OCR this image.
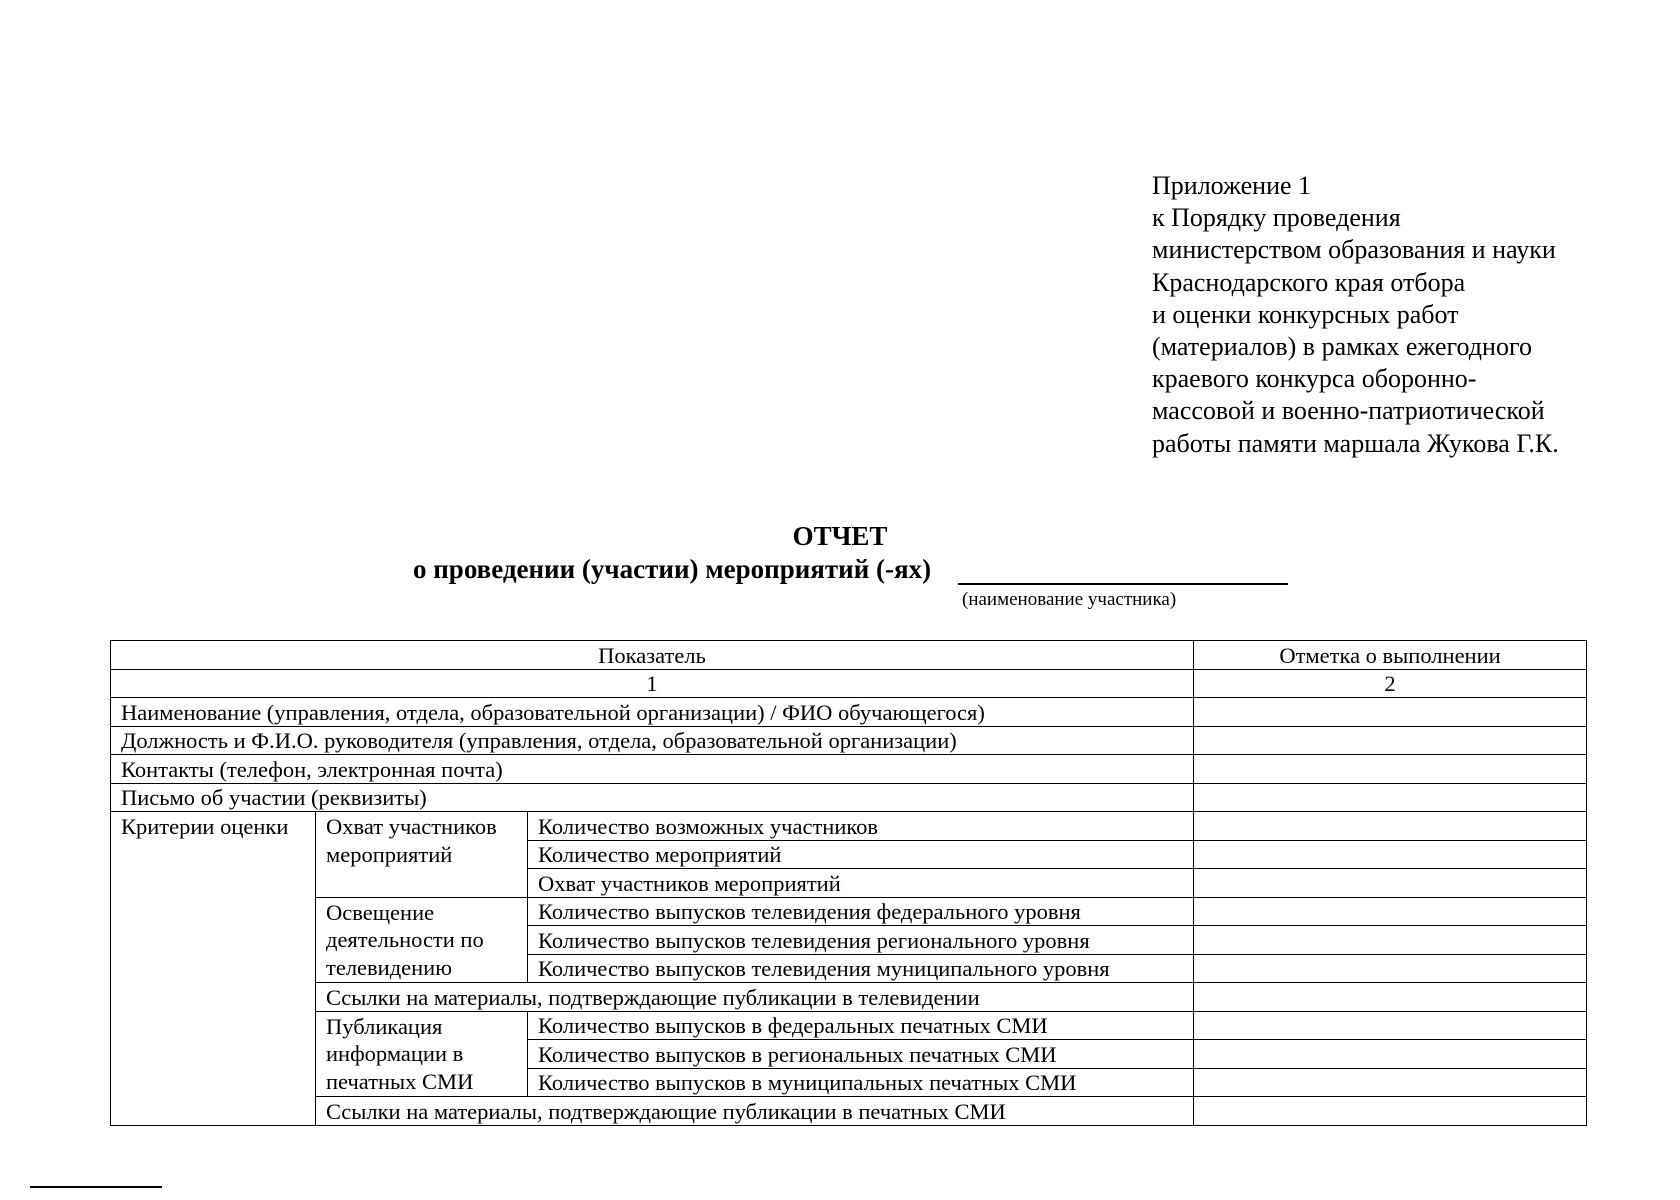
Приложение 1
к Порядку проведения
министерством образования и науки
Краснодарского края отбора
и оценки конкурсных работ
(материалов) в рамках ежегодного
краевого конкурса оборонно-
массовой и военно-патриотической
работы памяти маршала Жукова Г.К.
ОТЧЕТ
о проведении (участии) мероприятий (-ях)
(наименование участника)
Показатель			Отметка о выполнении
1			2
Наименование (управления, отдела, образовательной организации) / ФИО обучающегося)			
Должность и Ф.И.О. руководителя (управления, отдела, образовательной организации)			
Контакты (телефон, электронная почта)			
Письмо об участии (реквизиты)			
Критерии оценки	Охват участников мероприятий	Количество возможных участников	
		Количество мероприятий	
		Охват участников мероприятий	
	Освещение деятельности по телевидению	Количество выпусков телевидения федерального уровня	
		Количество выпусков телевидения регионального уровня	
		Количество выпусков телевидения муниципального уровня	
	Ссылки на материалы, подтверждающие публикации в телевидении		
	Публикация информации в печатных СМИ	Количество выпусков в федеральных печатных СМИ	
		Количество выпусков в региональных печатных СМИ	
		Количество выпусков в муниципальных печатных СМИ	
	Ссылки на материалы, подтверждающие публикации в печатных СМИ		
